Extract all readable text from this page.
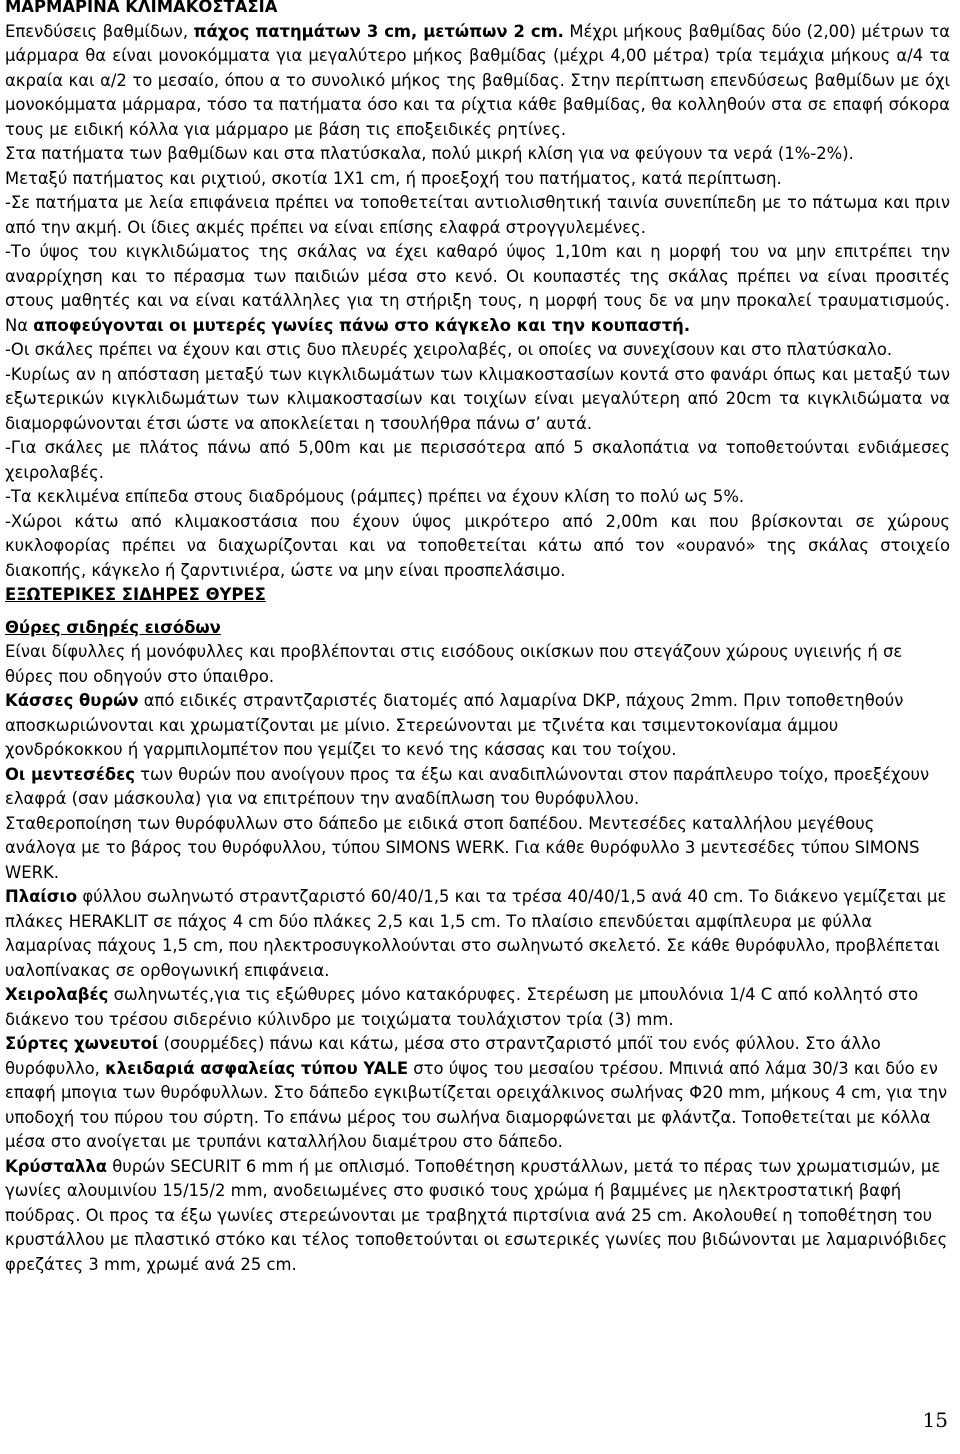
ΜΑΡΜΑΡΙΝΑ ΚΛΙΜΑΚΟΣΤΑΣΙΑ

Επενδύσεις βαθμίδων, πάχος πατημάτων 3 cm, μετώπων 2 cm. Μέχρι μήκους βαθμίδας δύο (2,00) μέτρων τα μάρμαρα θα είναι μονοκόμματα για μεγαλύτερο μήκος βαθμίδας (μέχρι 4,00 μέτρα) τρία τεμάχια μήκους α/4 τα ακραία και α/2 το μεσαίο, όπου α το συνολικό μήκος της βαθμίδας. Στην περίπτωση επενδύσεως βαθμίδων με όχι μονοκόμματα μάρμαρα, τόσο τα πατήματα όσο και τα ρίχτια κάθε βαθμίδας, θα κολληθούν στα σε επαφή σόκορα τους με ειδική κόλλα για μάρμαρο με βάση τις εποξειδικές ρητίνες.

Στα πατήματα των βαθμίδων και στα πλατύσκαλα, πολύ μικρή κλίση για να φεύγουν τα νερά (1%-2%).

Μεταξύ πατήματος και ριχτιού, σκοτία 1Χ1 cm, ή προεξοχή του πατήματος, κατά περίπτωση.

-Σε πατήματα με λεία επιφάνεια πρέπει να τοποθετείται αντιολισθητική ταινία συνεπίπεδη με το πάτωμα και πριν από την ακμή. Οι ίδιες ακμές πρέπει να είναι επίσης ελαφρά στρογγυλεμένες.

-Το ύψος του κιγκλιδώματος της σκάλας να έχει καθαρό ύψος 1,10m και η μορφή του να μην επιτρέπει την αναρρίχηση και το πέρασμα των παιδιών μέσα στο κενό. Οι κουπαστές της σκάλας πρέπει να είναι προσιτές στους μαθητές και να είναι κατάλληλες για τη στήριξη τους, η μορφή τους δε να μην προκαλεί τραυματισμούς. Να αποφεύγονται οι μυτερές γωνίες πάνω στο κάγκελο και την κουπαστή.

-Οι σκάλες πρέπει να έχουν και στις δυο πλευρές χειρολαβές, οι οποίες να συνεχίσουν και στο πλατύσκαλο.

-Κυρίως αν η απόσταση μεταξύ των κιγκλιδωμάτων των κλιμακοστασίων κοντά στο φανάρι όπως και μεταξύ των εξωτερικών κιγκλιδωμάτων των κλιμακοστασίων και τοιχίων είναι μεγαλύτερη από 20cm τα κιγκλιδώματα να διαμορφώνονται έτσι ώστε να αποκλείεται η τσουλήθρα πάνω σ’ αυτά.

-Για σκάλες με πλάτος πάνω από 5,00m και με περισσότερα από 5 σκαλοπάτια να τοποθετούνται ενδιάμεσες χειρολαβές.

-Τα κεκλιμένα επίπεδα στους διαδρόμους (ράμπες) πρέπει να έχουν κλίση το πολύ ως 5%.

-Χώροι κάτω από κλιμακοστάσια που έχουν ύψος μικρότερο από 2,00m και που βρίσκονται σε χώρους κυκλοφορίας πρέπει να διαχωρίζονται και να τοποθετείται κάτω από τον «ουρανό» της σκάλας στοιχείο διακοπής, κάγκελο ή ζαρντινιέρα, ώστε να μην είναι προσπελάσιμο.

ΕΞΩΤΕΡΙΚΕΣ ΣΙΔΗΡΕΣ ΘΥΡΕΣ

Θύρες σιδηρές εισόδων

Είναι δίφυλλες ή μονόφυλλες και προβλέπονται στις εισόδους οικίσκων που στεγάζουν χώρους υγιεινής ή σε θύρες που οδηγούν στο ύπαιθρο.

Κάσσες θυρών από ειδικές στραντζαριστές διατομές από λαμαρίνα DKP, πάχους 2mm. Πριν τοποθετηθούν αποσκωριώνονται και χρωματίζονται με μίνιο. Στερεώνονται με τζινέτα και τσιμεντοκονίαμα άμμου χονδρόκοκκου ή γαρμπιλομπέτον που γεμίζει το κενό της κάσσας και του τοίχου.

Οι μεντεσέδες των θυρών που ανοίγουν προς τα έξω και αναδιπλώνονται στον παράπλευρο τοίχο, προεξέχουν ελαφρά (σαν μάσκουλα) για να επιτρέπουν την αναδίπλωση του θυρόφυλλου.

Σταθεροποίηση των θυρόφυλλων στο δάπεδο με ειδικά στοπ δαπέδου. Μεντεσέδες καταλλήλου μεγέθους ανάλογα με το βάρος του θυρόφυλλου, τύπου SIMONS WERK. Για κάθε θυρόφυλλο 3 μεντεσέδες τύπου SIMONS WERK.

Πλαίσιο φύλλου σωληνωτό στραντζαριστό 60/40/1,5 και τα τρέσα 40/40/1,5 ανά 40 cm. Το διάκενο γεμίζεται με πλάκες HERAKLIT σε πάχος 4 cm δύο πλάκες 2,5 και 1,5 cm. Το πλαίσιο επενδύεται αμφίπλευρα με φύλλα λαμαρίνας πάχους 1,5 cm, που ηλεκτροσυγκολλούνται στο σωληνωτό σκελετό. Σε κάθε θυρόφυλλο, προβλέπεται υαλοπίνακας σε ορθογωνική επιφάνεια.

Χειρολαβές σωληνωτές,για τις εξώθυρες μόνο κατακόρυφες. Στερέωση με μπουλόνια 1/4 C από κολλητό στο διάκενο του τρέσου σιδερένιο κύλινδρο με τοιχώματα τουλάχιστον τρία (3) mm.

Σύρτες χωνευτοί (σουρμέδες) πάνω και κάτω, μέσα στο στραντζαριστό μπόϊ του ενός φύλλου. Στο άλλο θυρόφυλλο, κλειδαριά ασφαλείας τύπου YALE στο ύψος του μεσαίου τρέσου. Μπινιά από λάμα 30/3 και δύο εν επαφή μπογια των θυρόφυλλων. Στο δάπεδο εγκιβωτίζεται ορειχάλκινος σωλήνας Φ20 mm, μήκους 4 cm, για την υποδοχή του πύρου του σύρτη. Το επάνω μέρος του σωλήνα διαμορφώνεται με φλάντζα. Τοποθετείται με κόλλα μέσα στο ανοίγεται με τρυπάνι καταλλήλου διαμέτρου στο δάπεδο.

Κρύσταλλα θυρών SECURIT 6 mm ή με οπλισμό. Τοποθέτηση κρυστάλλων, μετά το πέρας των χρωματισμών, με γωνίες αλουμινίου 15/15/2 mm, ανοδειωμένες στο φυσικό τους χρώμα ή βαμμένες με ηλεκτροστατική βαφή πούδρας. Οι προς τα έξω γωνίες στερεώνονται με τραβηχτά πιρτσίνια ανά 25 cm. Ακολουθεί η τοποθέτηση του κρυστάλλου με πλαστικό στόκο και τέλος τοποθετούνται οι εσωτερικές γωνίες που βιδώνονται με λαμαρινόβιδες φρεζάτες 3 mm, χρωμέ ανά 25 cm.

15
